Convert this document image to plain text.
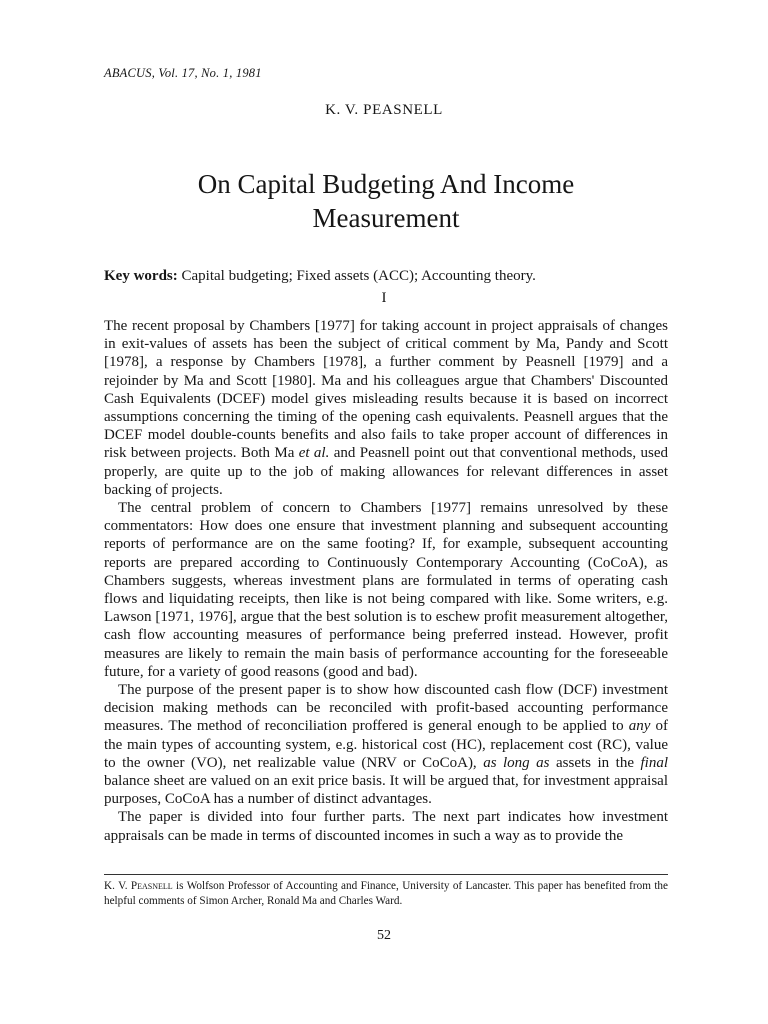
ABACUS, Vol. 17, No. 1, 1981
K. V. PEASNELL
On Capital Budgeting And Income
Measurement
Key words: Capital budgeting; Fixed assets (ACC); Accounting theory.
I

The recent proposal by Chambers [1977] for taking account in project appraisals of changes in exit-values of assets has been the subject of critical comment by Ma, Pandy and Scott [1978], a response by Chambers [1978], a further comment by Peasnell [1979] and a rejoinder by Ma and Scott [1980]. Ma and his colleagues argue that Chambers' Discounted Cash Equivalents (DCEF) model gives misleading results because it is based on incorrect assumptions concerning the timing of the opening cash equivalents. Peasnell argues that the DCEF model double-counts benefits and also fails to take proper account of differences in risk between projects. Both Ma et al. and Peasnell point out that conventional methods, used properly, are quite up to the job of making allowances for relevant differences in asset backing of projects.

The central problem of concern to Chambers [1977] remains unresolved by these commentators: How does one ensure that investment planning and subsequent accounting reports of performance are on the same footing? If, for example, subsequent accounting reports are prepared according to Continuously Contemporary Accounting (CoCoA), as Chambers suggests, whereas investment plans are formulated in terms of operating cash flows and liquidating receipts, then like is not being compared with like. Some writers, e.g. Lawson [1971, 1976], argue that the best solution is to eschew profit measurement altogether, cash flow accounting measures of performance being preferred instead. However, profit measures are likely to remain the main basis of performance accounting for the foreseeable future, for a variety of good reasons (good and bad).

The purpose of the present paper is to show how discounted cash flow (DCF) investment decision making methods can be reconciled with profit-based accounting performance measures. The method of reconciliation proffered is general enough to be applied to any of the main types of accounting system, e.g. historical cost (HC), replacement cost (RC), value to the owner (VO), net realizable value (NRV or CoCoA), as long as assets in the final balance sheet are valued on an exit price basis. It will be argued that, for investment appraisal purposes, CoCoA has a number of distinct advantages.

The paper is divided into four further parts. The next part indicates how investment appraisals can be made in terms of discounted incomes in such a way as to provide the

K. V. Peasnell is Wolfson Professor of Accounting and Finance, University of Lancaster. This paper has benefited from the helpful comments of Simon Archer, Ronald Ma and Charles Ward.
52
